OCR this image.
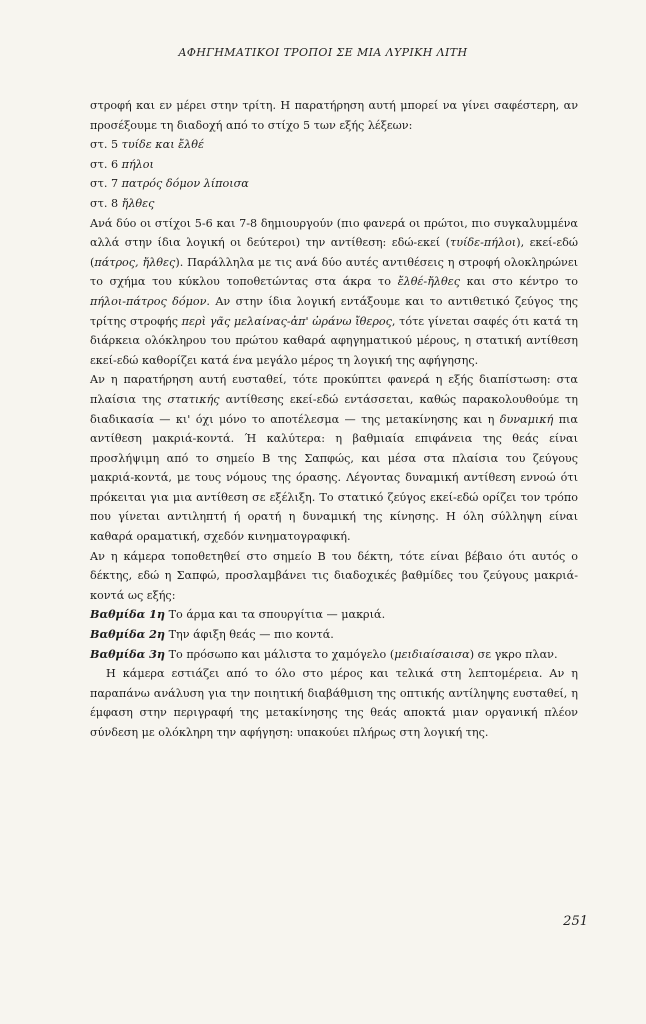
ΑΦΗΓΗΜΑΤΙΚΟΙ ΤΡΟΠΟΙ ΣΕ ΜΙΑ ΛΥΡΙΚΗ ΛΙΤΗ

στροφή και εν μέρει στην τρίτη. Η παρατήρηση αυτή μπορεί να γίνει σαφέστερη, αν προσέξουμε τη διαδοχή από το στίχο 5 των εξής λέξεων:

στ. 5 τυίδε και ἔλθέ
στ. 6 πήλοι
στ. 7 πατρός δόμον λίποισα
στ. 8 ἤλθες

Ανά δύο οι στίχοι 5-6 και 7-8 δημιουργούν (πιο φανερά οι πρώτοι, πιο συγκαλυμμένα αλλά στην ίδια λογική οι δεύτεροι) την αντίθεση: εδώ-εκεί (τυίδε-πήλοι), εκεί-εδώ (πάτρος, ἤλθες). Παράλληλα με τις ανά δύο αυτές αντιθέσεις η στροφή ολοκληρώνει το σχήμα του κύκλου τοποθετώντας στα άκρα το ἔλθέ-ἤλθες και στο κέντρο το πήλοι-πάτρος δόμον. Αν στην ίδια λογική εντάξουμε και το αντιθετικό ζεύγος της τρίτης στροφής περὶ γᾶς μελαίνας-ἀπ' ὠράνω ἴθερος, τότε γίνεται σαφές ότι κατά τη διάρκεια ολόκληρου του πρώτου καθαρά αφηγηματικού μέρους, η στατική αντίθεση εκεί-εδώ καθορίζει κατά ένα μεγάλο μέρος τη λογική της αφήγησης.

Αν η παρατήρηση αυτή ευσταθεί, τότε προκύπτει φανερά η εξής διαπίστωση: στα πλαίσια της στατικής αντίθεσης εκεί-εδώ εντάσσεται, καθώς παρακολουθούμε τη διαδικασία — κι' όχι μόνο το αποτέλεσμα — της μετακίνησης και η δυναμική πια αντίθεση μακριά-κοντά. Ή καλύτερα: η βαθμιαία επιφάνεια της θεάς είναι προσλήψιμη από το σημείο Β της Σαπφώς, και μέσα στα πλαίσια του ζεύγους μακριά-κοντά, με τους νόμους της όρασης. Λέγοντας δυναμική αντίθεση εννοώ ότι πρόκειται για μια αντίθεση σε εξέλιξη. Το στατικό ζεύγος εκεί-εδώ ορίζει τον τρόπο που γίνεται αντιληπτή ή ορατή η δυναμική της κίνησης. Η όλη σύλληψη είναι καθαρά οραματική, σχεδόν κινηματογραφική.

Αν η κάμερα τοποθετηθεί στο σημείο Β του δέκτη, τότε είναι βέβαιο ότι αυτός ο δέκτης, εδώ η Σαπφώ, προσλαμβάνει τις διαδοχικές βαθμίδες του ζεύγους μακριά-κοντά ως εξής:

Βαθμίδα 1η Το άρμα και τα σπουργίτια — μακριά.
Βαθμίδα 2η Την άφιξη θεάς — πιο κοντά.
Βαθμίδα 3η Το πρόσωπο και μάλιστα το χαμόγελο (μειδιαίσαισα) σε γκρο πλαν.

Η κάμερα εστιάζει από το όλο στο μέρος και τελικά στη λεπτομέρεια. Αν η παραπάνω ανάλυση για την ποιητική διαβάθμιση της οπτικής αντίληψης ευσταθεί, η έμφαση στην περιγραφή της μετακίνησης της θεάς αποκτά μιαν οργανική πλέον σύνδεση με ολόκληρη την αφήγηση: υπακούει πλήρως στη λογική της.

251
